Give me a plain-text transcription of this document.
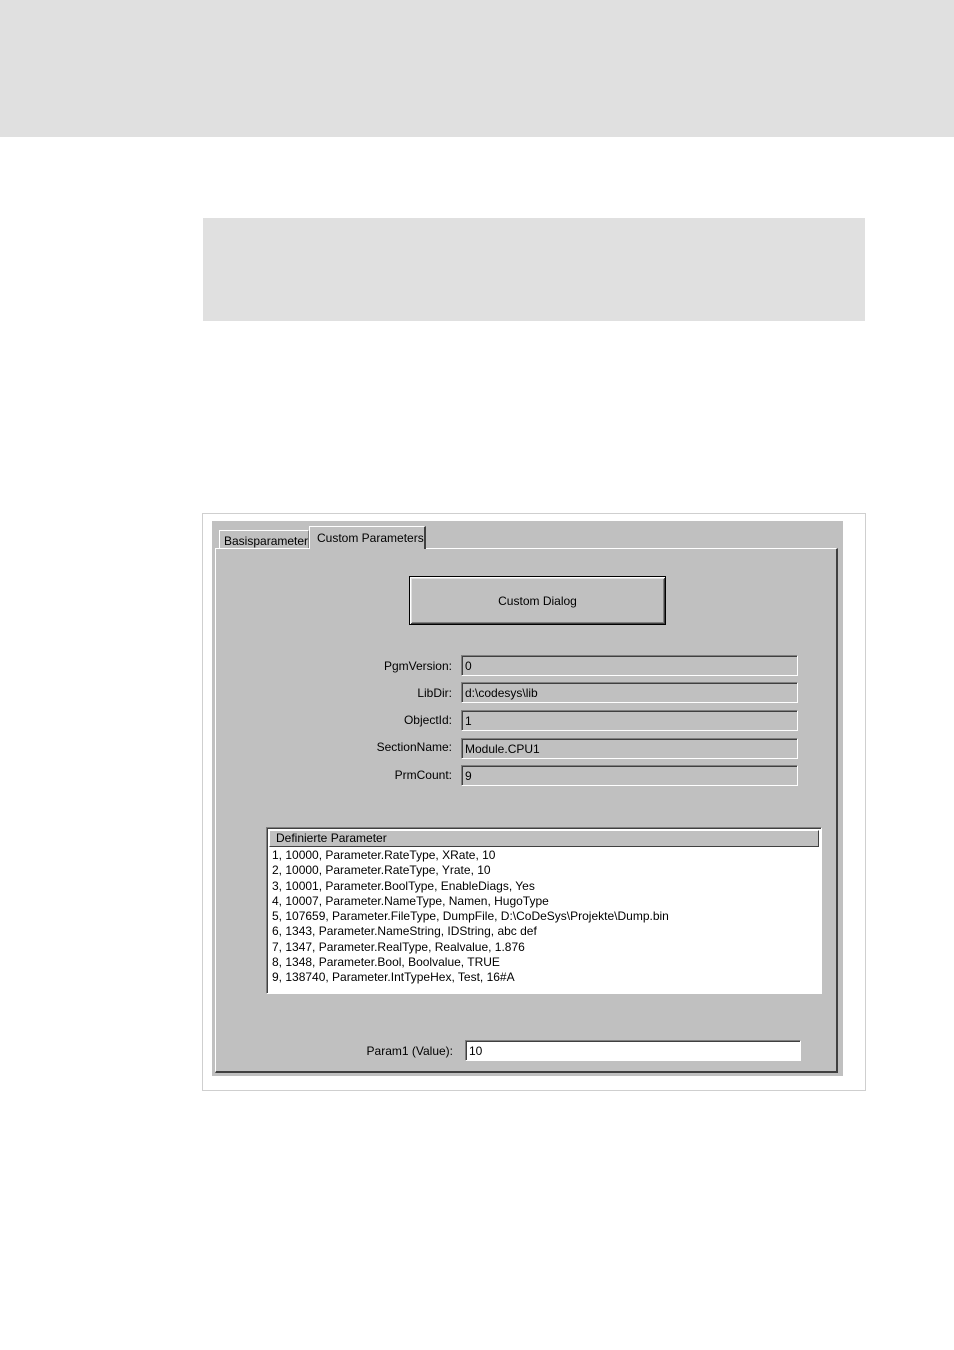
Basisparameter Custom Parameters
Custom Dialog
PgmVersion:
0
LibDir:
d:\codesys\lib
ObjectId:
1
SectionName:
Module.CPU1
PrmCount:
9
Definierte Parameter
1, 10000, Parameter.RateType, XRate, 10
2, 10000, Parameter.RateType, Yrate, 10
3, 10001, Parameter.BoolType, EnableDiags, Yes
4, 10007, Parameter.NameType, Namen, HugoType
5, 107659, Parameter.FileType, DumpFile, D:\CoDeSys\Projekte\Dump.bin
6, 1343, Parameter.NameString, IDString, abc def
7, 1347, Parameter.RealType, Realvalue, 1.876
8, 1348, Parameter.Bool, Boolvalue, TRUE
9, 138740, Parameter.IntTypeHex, Test, 16#A
Param1 (Value):
10
